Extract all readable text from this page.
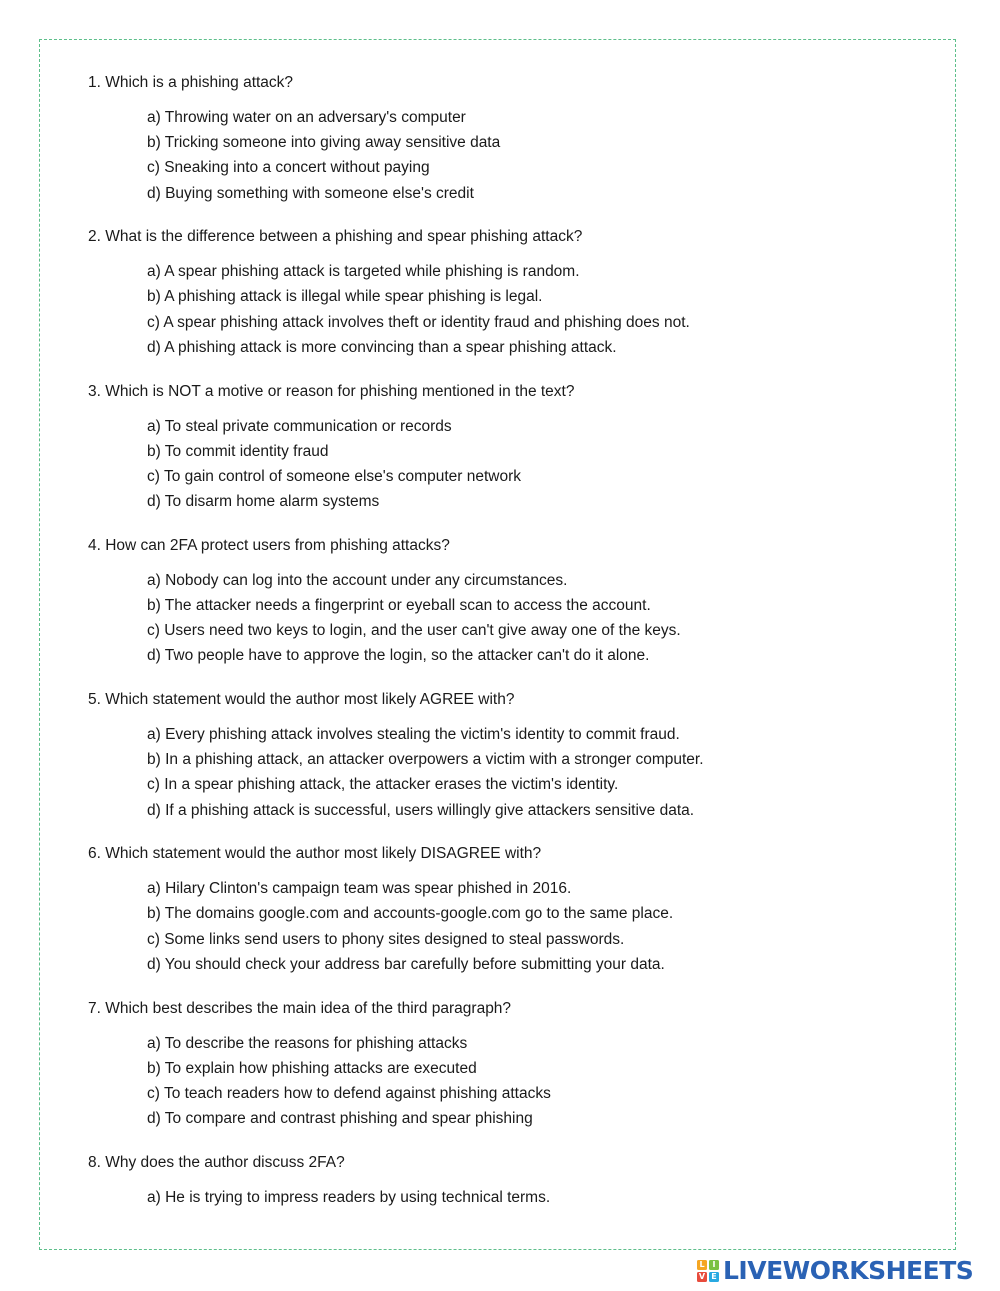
1. Which is a phishing attack?
a) Throwing water on an adversary's computer
b) Tricking someone into giving away sensitive data
c) Sneaking into a concert without paying
d) Buying something with someone else's credit
2. What is the difference between a phishing and spear phishing attack?
a) A spear phishing attack is targeted while phishing is random.
b) A phishing attack is illegal while spear phishing is legal.
c) A spear phishing attack involves theft or identity fraud and phishing does not.
d) A phishing attack is more convincing than a spear phishing attack.
3. Which is NOT a motive or reason for phishing mentioned in the text?
a) To steal private communication or records
b) To commit identity fraud
c) To gain control of someone else's computer network
d) To disarm home alarm systems
4. How can 2FA protect users from phishing attacks?
a) Nobody can log into the account under any circumstances.
b) The attacker needs a fingerprint or eyeball scan to access the account.
c) Users need two keys to login, and the user can't give away one of the keys.
d) Two people have to approve the login, so the attacker can't do it alone.
5. Which statement would the author most likely AGREE with?
a) Every phishing attack involves stealing the victim's identity to commit fraud.
b) In a phishing attack, an attacker overpowers a victim with a stronger computer.
c) In a spear phishing attack, the attacker erases the victim's identity.
d) If a phishing attack is successful, users willingly give attackers sensitive data.
6. Which statement would the author most likely DISAGREE with?
a) Hilary Clinton's campaign team was spear phished in 2016.
b) The domains google.com and accounts-google.com go to the same place.
c) Some links send users to phony sites designed to steal passwords.
d) You should check your address bar carefully before submitting your data.
7. Which best describes the main idea of the third paragraph?
a) To describe the reasons for phishing attacks
b) To explain how phishing attacks are executed
c) To teach readers how to defend against phishing attacks
d) To compare and contrast phishing and spear phishing
8. Why does the author discuss 2FA?
a) He is trying to impress readers by using technical terms.
L I
V E LIVEWORKSHEETS
